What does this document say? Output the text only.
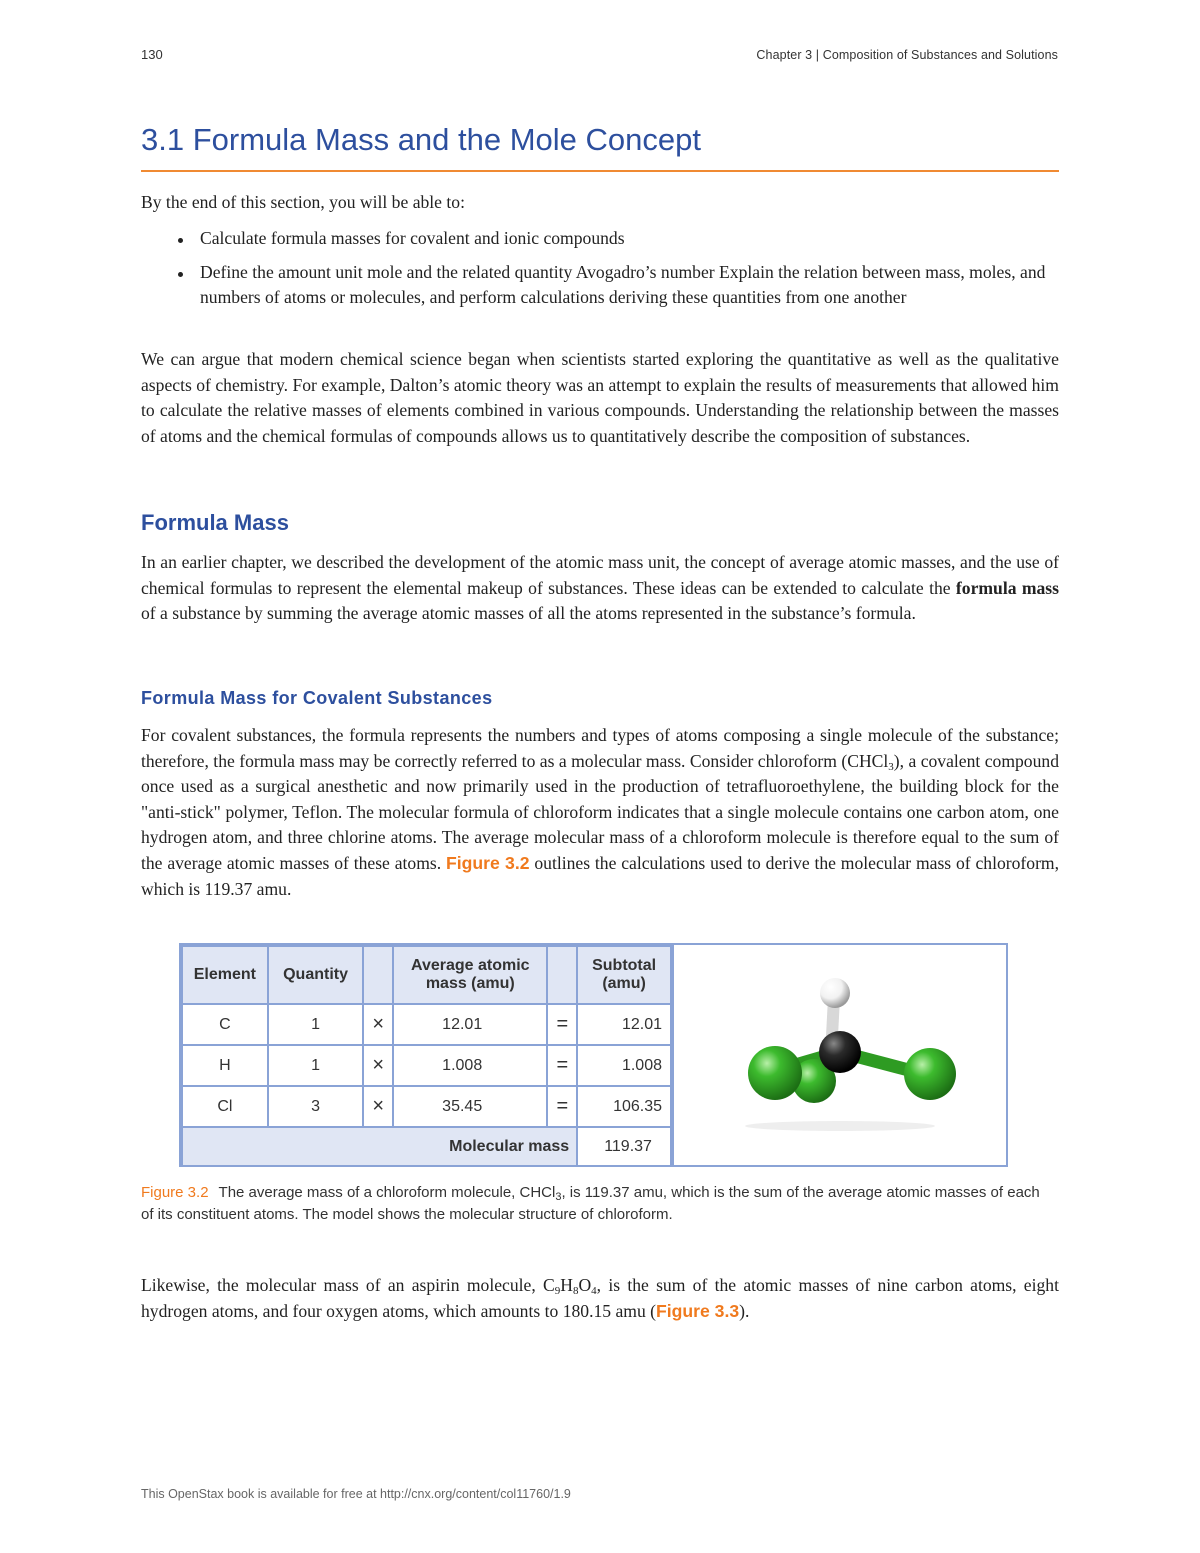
130	Chapter 3 | Composition of Substances and Solutions
3.1 Formula Mass and the Mole Concept

By the end of this section, you will be able to:

Calculate formula masses for covalent and ionic compounds
Define the amount unit mole and the related quantity Avogadro’s number Explain the relation between mass, moles, and numbers of atoms or molecules, and perform calculations deriving these quantities from one another

We can argue that modern chemical science began when scientists started exploring the quantitative as well as the qualitative aspects of chemistry. For example, Dalton’s atomic theory was an attempt to explain the results of measurements that allowed him to calculate the relative masses of elements combined in various compounds. Understanding the relationship between the masses of atoms and the chemical formulas of compounds allows us to quantitatively describe the composition of substances.

Formula Mass

In an earlier chapter, we described the development of the atomic mass unit, the concept of average atomic masses, and the use of chemical formulas to represent the elemental makeup of substances. These ideas can be extended to calculate the formula mass of a substance by summing the average atomic masses of all the atoms represented in the substance’s formula.

Formula Mass for Covalent Substances

For covalent substances, the formula represents the numbers and types of atoms composing a single molecule of the substance; therefore, the formula mass may be correctly referred to as a molecular mass. Consider chloroform (CHCl$_3$), a covalent compound once used as a surgical anesthetic and now primarily used in the production of tetrafluoroethylene, the building block for the "anti-stick" polymer, Teflon. The molecular formula of chloroform indicates that a single molecule contains one carbon atom, one hydrogen atom, and three chlorine atoms. The average molecular mass of a chloroform molecule is therefore equal to the sum of the average atomic masses of these atoms. Figure 3.2 outlines the calculations used to derive the molecular mass of chloroform, which is 119.37 amu.

Element	Quantity		Average atomic mass (amu)		Subtotal (amu)
C	1	×	12.01	=	12.01
H	1	×	1.008	=	1.008
Cl	3	×	35.45	=	106.35
Molecular mass					119.37

Figure 3.2 The average mass of a chloroform molecule, CHCl$_3$, is 119.37 amu, which is the sum of the average atomic masses of each of its constituent atoms. The model shows the molecular structure of chloroform.

Likewise, the molecular mass of an aspirin molecule, $C_9H_8O_4$, is the sum of the atomic masses of nine carbon atoms, eight hydrogen atoms, and four oxygen atoms, which amounts to 180.15 amu (Figure 3.3).

This OpenStax book is available for free at http://cnx.org/content/col11760/1.9
